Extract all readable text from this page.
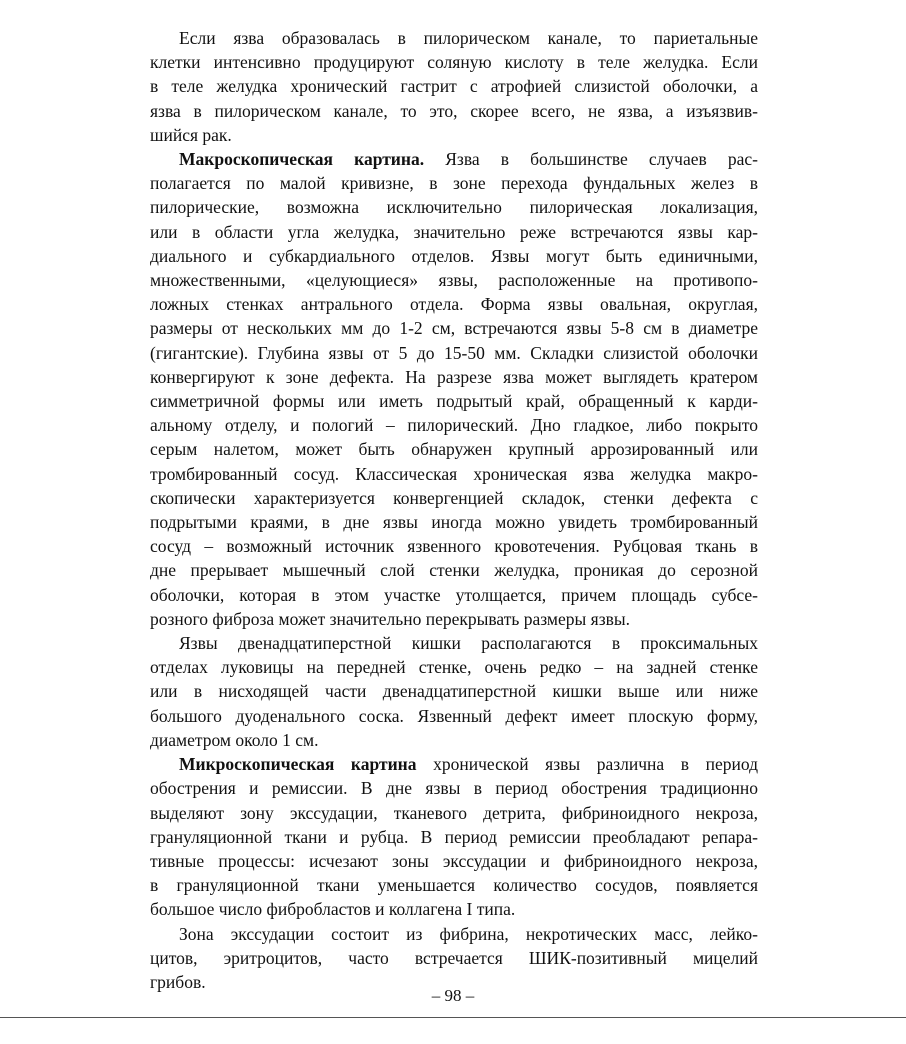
Если язва образовалась в пилорическом канале, то париетальные
клетки интенсивно продуцируют соляную кислоту в теле желудка. Если
в теле желудка хронический гастрит с атрофией слизистой оболочки, а
язва в пилорическом канале, то это, скорее всего, не язва, а изъязвив-
шийся рак.
Макроскопическая картина. Язва в большинстве случаев рас-
полагается по малой кривизне, в зоне перехода фундальных желез в
пилорические, возможна исключительно пилорическая локализация,
или в области угла желудка, значительно реже встречаются язвы кар-
диального и субкардиального отделов. Язвы могут быть единичными,
множественными, «целующиеся» язвы, расположенные на противопо-
ложных стенках антрального отдела. Форма язвы овальная, округлая,
размеры от нескольких мм до 1-2 см, встречаются язвы 5-8 см в диаметре
(гигантские). Глубина язвы от 5 до 15-50 мм. Складки слизистой оболочки
конвергируют к зоне дефекта. На разрезе язва может выглядеть кратером
симметричной формы или иметь подрытый край, обращенный к карди-
альному отделу, и пологий – пилорический. Дно гладкое, либо покрыто
серым налетом, может быть обнаружен крупный аррозированный или
тромбированный сосуд. Классическая хроническая язва желудка макро-
скопически характеризуется конвергенцией складок, стенки дефекта с
подрытыми краями, в дне язвы иногда можно увидеть тромбированный
сосуд – возможный источник язвенного кровотечения. Рубцовая ткань в
дне прерывает мышечный слой стенки желудка, проникая до серозной
оболочки, которая в этом участке утолщается, причем площадь субсе-
розного фиброза может значительно перекрывать размеры язвы.
Язвы двенадцатиперстной кишки располагаются в проксимальных
отделах луковицы на передней стенке, очень редко – на задней стенке
или в нисходящей части двенадцатиперстной кишки выше или ниже
большого дуоденального соска. Язвенный дефект имеет плоскую форму,
диаметром около 1 см.
Микроскопическая картина хронической язвы различна в период
обострения и ремиссии. В дне язвы в период обострения традиционно
выделяют зону экссудации, тканевого детрита, фибриноидного некроза,
грануляционной ткани и рубца. В период ремиссии преобладают репара-
тивные процессы: исчезают зоны экссудации и фибриноидного некроза,
в грануляционной ткани уменьшается количество сосудов, появляется
большое число фибробластов и коллагена I типа.
Зона экссудации состоит из фибрина, некротических масс, лейко-
цитов, эритроцитов, часто встречается ШИК-позитивный мицелий
грибов.
– 98 –
